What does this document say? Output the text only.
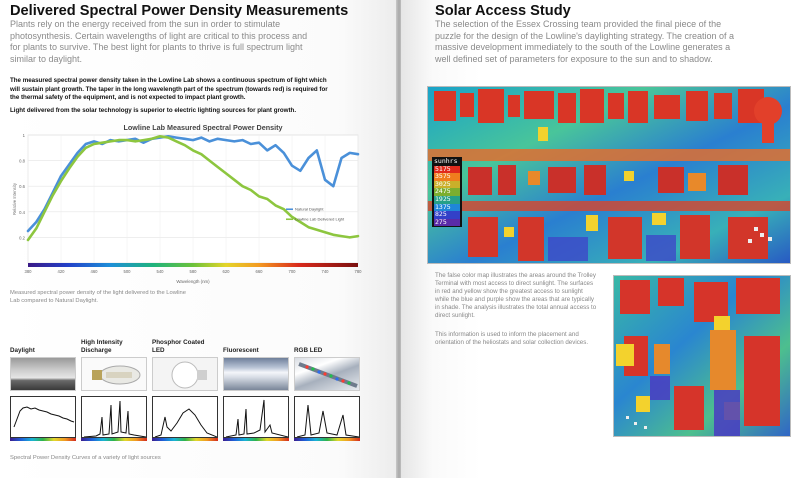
Delivered Spectral Power Density Measurements
Plants rely on the energy received from the sun in order to stimulate
photosynthesis. Certain wavelengths of light are critical to this process and
for plants to survive. The best light for plants to thrive is full spectrum light
similar to daylight.
The measured spectral power density taken in the Lowline Lab shows a continuous spectrum of light which
will sustain plant growth. The taper in the long wavelength part of the spectrum (towards red) is required for
the thermal safety of the equipment, and is not expected to impact plant growth.
Light delivered from the solar technology is superior to electric lighting sources for plant growth.
Lowline Lab Measured Spectral Power Density
0.2
0.4
0.6
0.8
1
380	420	460	500	540	580	620	660	700	740	780
Wavelength (nm)
Relative Intensity	Natural Daylight
Lowline Lab Delivered Light
Measured spectral power density of the light delivered to the Lowline
Lab compared to Natural Daylight.
Daylight
High Intensity
Discharge
Phosphor Coated
LED	Fluorescent	RGB LED
Spectral Power Density Curves of a variety of light sources
Solar Access Study
The selection of the Essex Crossing team provided the final piece of the
puzzle for the design of the Lowline's daylighting strategy. The creation of a
massive development immediately to the south of the Lowline generates a
well defined set of parameters for exposure to the sun and to shadow.
sunhrs
5175
3575
3025
2475
1925
1375
825
275
The false color map illustrates the areas around the Trolley
Terminal with most access to direct sunlight. The surfaces
in red and yellow show the greatest access to sunlight
while the blue and purple show the areas that are typically
in shade. The analysis illustrates the total annual access to
direct sunlight.
This information is used to inform the placement and
orientation of the heliostats and solar collection devices.
